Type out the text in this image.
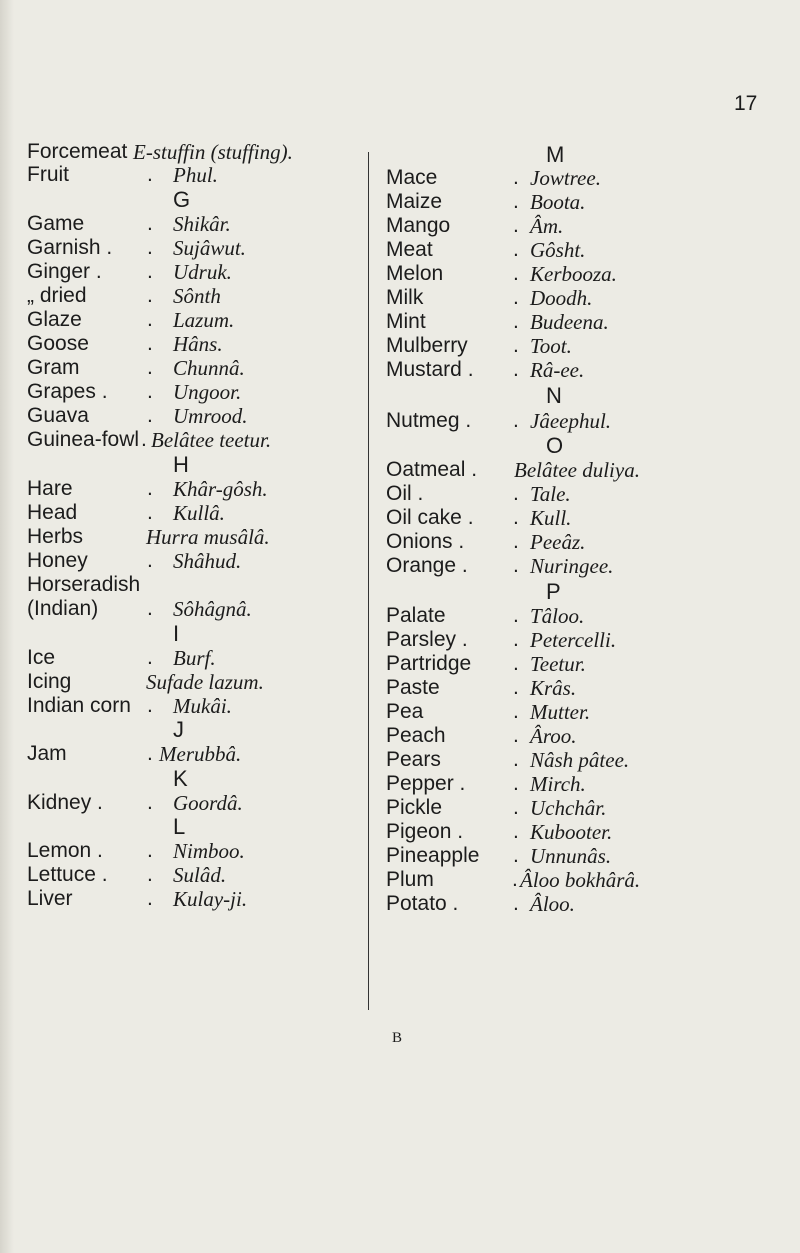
17
Forcemeat E-stuffin (stuffing).
Fruit	. Phul.
G
Game	. Shikâr.
Garnish . . Sujâwut.
Ginger . . Udruk.
„ dried	. Sônth
Glaze	. Lazum.
Goose	. Hâns.
Gram	. Chunnâ.
Grapes . . Ungoor.
Guava	. Umrood.
Guinea-fowl . Belâtee teetur.
H
Hare	. Khâr-gôsh.
Head	. Kullâ.
Herbs	Hurra musâlâ.
Honey	. Shâhud.
Horseradish
(Indian) . Sôhâgnâ.
I
Ice	. Burf.
Icing	Sufade lazum.
Indian corn . Mukâi.
J
Jam	. Merubbâ.
K
Kidney . . Goordâ.
L
Lemon . . Nimboo.
Lettuce . . Sulâd.
Liver	. Kulay-ji.
M
Mace	. Jowtree.
Maize	. Boota.
Mango	. Âm.
Meat	. Gôsht.
Melon	. Kerbooza.
Milk	. Doodh.
Mint	. Budeena.
Mulberry . Toot.
Mustard . . Râ-ee.
N
Nutmeg . . Jâeephul.
O
Oatmeal . Belâtee duliya.
Oil .	. Tale.
Oil cake . . Kull.
Onions . . Peeâz.
Orange . . Nuringee.
P
Palate	. Tâloo.
Parsley . . Petercelli.
Partridge . Teetur.
Paste	. Krâs.
Pea	. Mutter.
Peach	. Âroo.
Pears	. Nâsh pâtee.
Pepper . . Mirch.
Pickle	. Uchchâr.
Pigeon . . Kubooter.
Pineapple . Unnunâs.
Plum	. Âloo bokhârâ.
Potato .	. Âloo.
B
